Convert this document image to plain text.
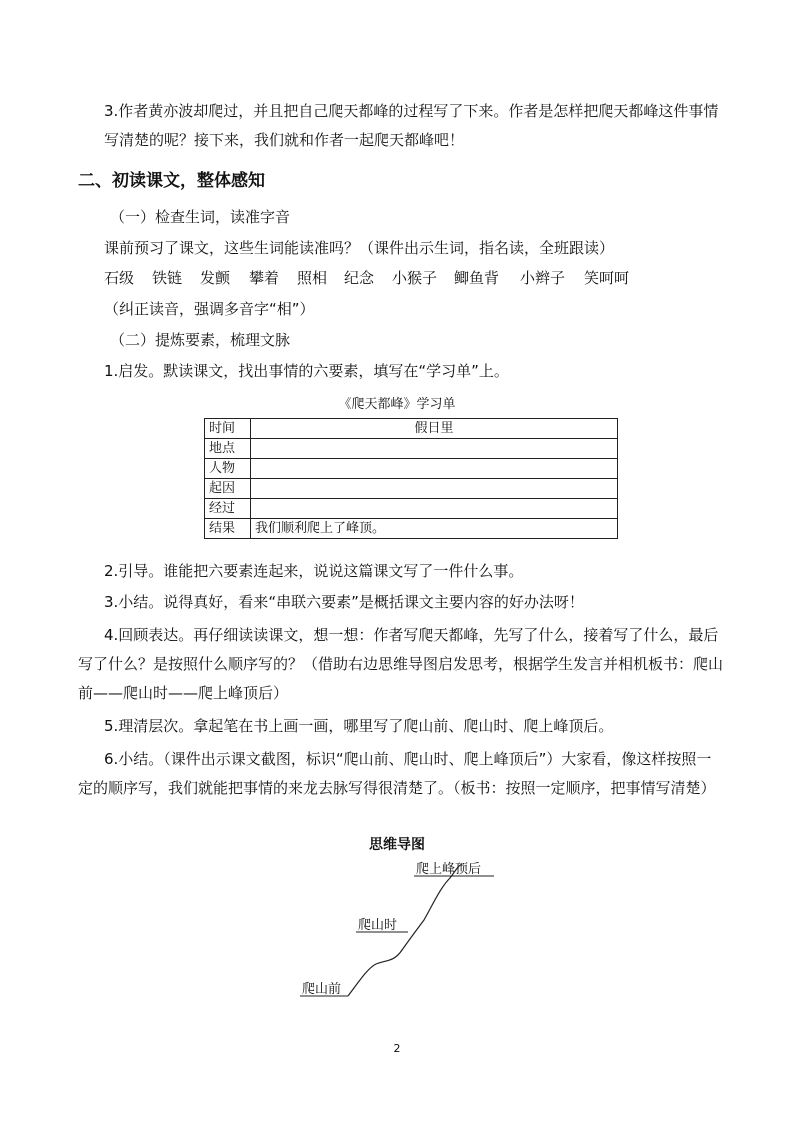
3.作者黄亦波却爬过，并且把自己爬天都峰的过程写了下来。作者是怎样把爬天都峰这件事情写清楚的呢？接下来，我们就和作者一起爬天都峰吧！

二、初读课文，整体感知

（一）检查生词，读准字音

课前预习了课文，这些生词能读准吗？（课件出示生词，指名读，全班跟读）

石级 铁链 发颤 攀着 照相 纪念 小猴子 鲫鱼背 小辫子 笑呵呵

（纠正读音，强调多音字“相”）

（二）提炼要素，梳理文脉

1.启发。默读课文，找出事情的六要素，填写在“学习单”上。

《爬天都峰》学习单
时间	假日里
地点	
人物	
起因	
经过	
结果	我们顺利爬上了峰顶。

2.引导。谁能把六要素连起来，说说这篇课文写了一件什么事。

3.小结。说得真好，看来“串联六要素”是概括课文主要内容的好办法呀！

4.回顾表达。再仔细读读课文，想一想：作者写爬天都峰，先写了什么，接着写了什么，最后写了什么？是按照什么顺序写的？（借助右边思维导图启发思考，根据学生发言并相机板书：爬山前——爬山时——爬上峰顶后）

5.理清层次。拿起笔在书上画一画，哪里写了爬山前、爬山时、爬上峰顶后。

6.小结。（课件出示课文截图，标识“爬山前、爬山时、爬上峰顶后”）大家看，像这样按照一定的顺序写，我们就能把事情的来龙去脉写得很清楚了。（板书：按照一定顺序，把事情写清楚）

思维导图
爬山前
爬山时
爬上峰顶后
2
